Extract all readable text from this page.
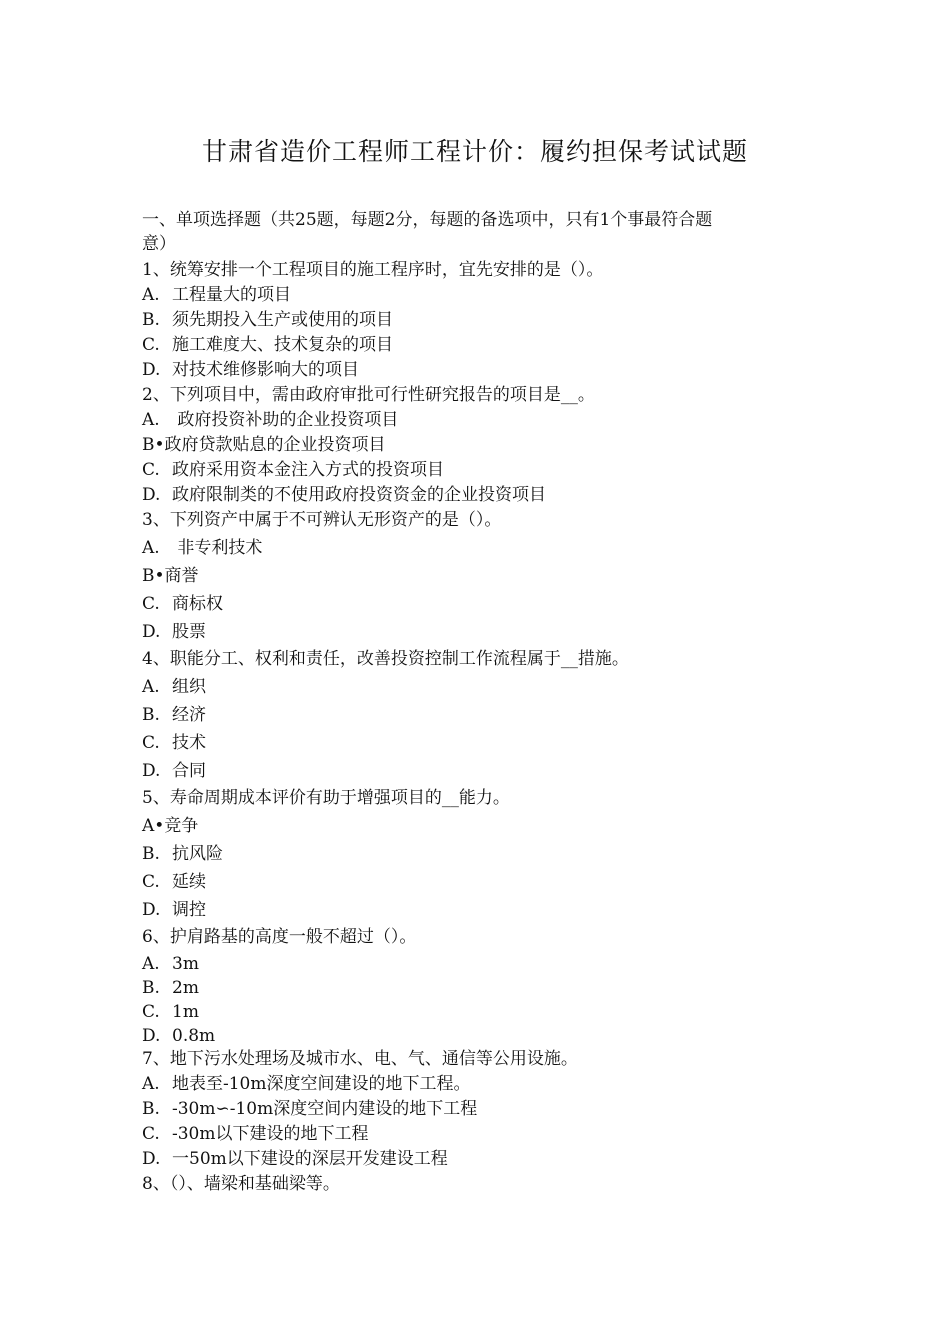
甘肃省造价工程师工程计价：履约担保考试试题
一、单项选择题（共25题，每题2分，每题的备选项中，只有1个事最符合题
意）
1、统筹安排一个工程项目的施工程序时，宜先安排的是（）。
A. 工程量大的项目
B. 须先期投入生产或使用的项目
C. 施工难度大、技术复杂的项目
D. 对技术维修影响大的项目
2、下列项目中，需由政府审批可行性研究报告的项目是__。
A. 政府投资补助的企业投资项目
B•政府贷款贴息的企业投资项目
C. 政府采用资本金注入方式的投资项目
D. 政府限制类的不使用政府投资资金的企业投资项目
3、下列资产中属于不可辨认无形资产的是（）。
A. 非专利技术
B•商誉
C. 商标权
D. 股票
4、职能分工、权利和责任，改善投资控制工作流程属于__措施。
A. 组织
B. 经济
C. 技术
D. 合同
5、寿命周期成本评价有助于增强项目的__能力。
A•竞争
B. 抗风险
C. 延续
D. 调控
6、护肩路基的高度一般不超过（）。
A. 3m
B. 2m
C. 1m
D. 0.8m
7、地下污水处理场及城市水、电、气、通信等公用设施。
A. 地表至-10m深度空间建设的地下工程。
B. -30m∽-10m深度空间内建设的地下工程
C. -30m以下建设的地下工程
D. 一50m以下建设的深层开发建设工程
8、（）、墙梁和基础梁等。
